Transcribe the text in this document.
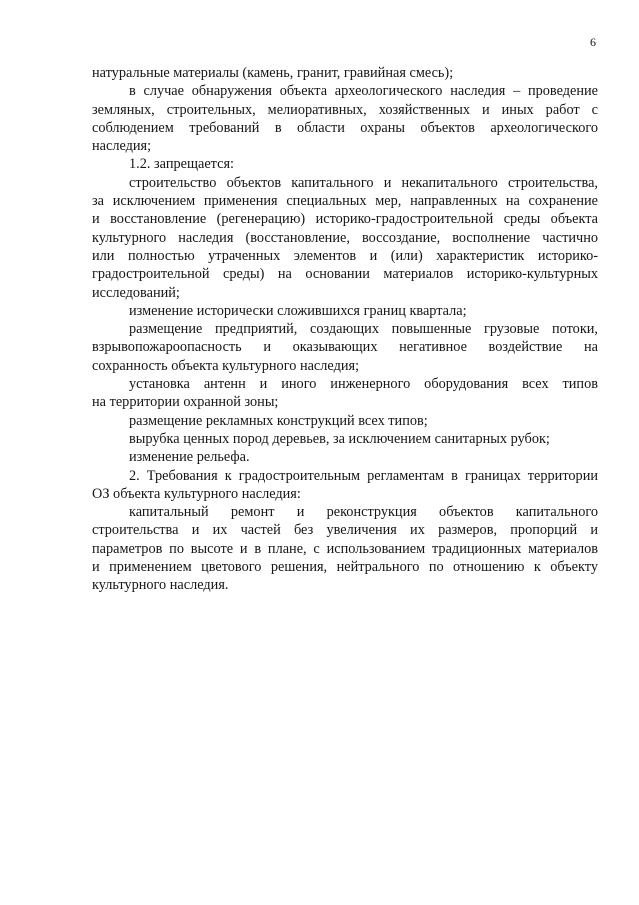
6
натуральные материалы (камень, гранит, гравийная смесь);
в случае обнаружения объекта археологического наследия – проведение
земляных, строительных, мелиоративных, хозяйственных и иных работ с
соблюдением требований в области охраны объектов археологического
наследия;
1.2. запрещается:
строительство объектов капитального и некапитального строительства,
за исключением применения специальных мер, направленных на сохранение
и восстановление (регенерацию) историко-градостроительной среды объекта
культурного наследия (восстановление, воссоздание, восполнение частично
или полностью утраченных элементов и (или) характеристик историко-
градостроительной среды) на основании материалов историко-культурных
исследований;
изменение исторически сложившихся границ квартала;
размещение предприятий, создающих повышенные грузовые потоки,
взрывопожароопасность и оказывающих негативное воздействие на
сохранность объекта культурного наследия;
установка антенн и иного инженерного оборудования всех типов
на территории охранной зоны;
размещение рекламных конструкций всех типов;
вырубка ценных пород деревьев, за исключением санитарных рубок;
изменение рельефа.
2. Требования к градостроительным регламентам в границах территории
ОЗ объекта культурного наследия:
капитальный ремонт и реконструкция объектов капитального
строительства и их частей без увеличения их размеров, пропорций и
параметров по высоте и в плане, с использованием традиционных материалов
и применением цветового решения, нейтрального по отношению к объекту
культурного наследия.
